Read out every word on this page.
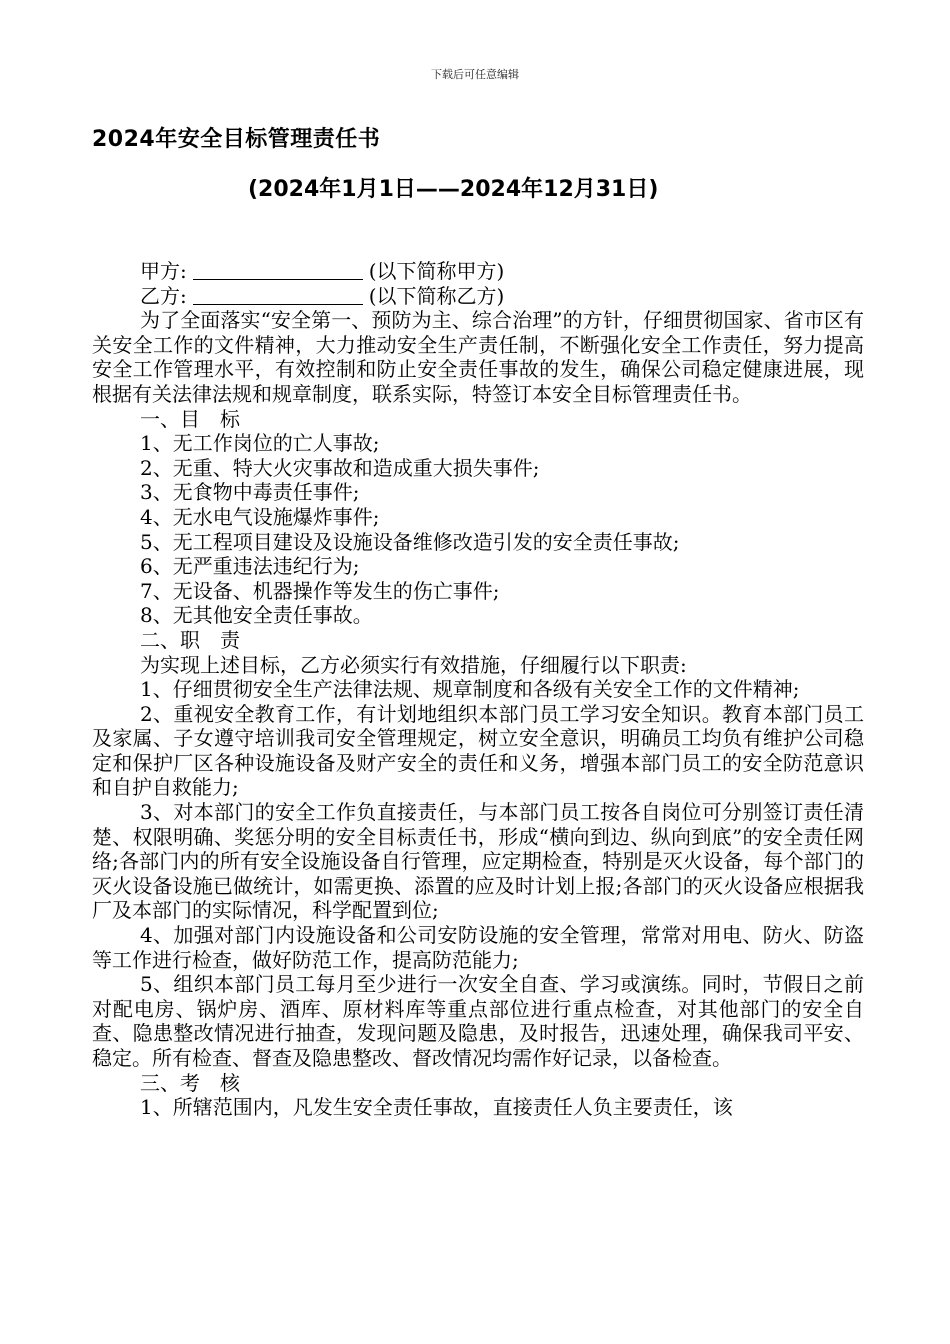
下载后可任意编辑
2024年安全目标管理责任书
(2024年1月1日——2024年12月31日)

甲方:	(以下简称甲方)

乙方:	(以下简称乙方)

为了全面落实“安全第一、预防为主、综合治理”的方针，仔细贯彻国家、省市区有关安全工作的文件精神，大力推动安全生产责任制，不断强化安全工作责任，努力提高安全工作管理水平，有效控制和防止安全责任事故的发生，确保公司稳定健康进展，现根据有关法律法规和规章制度，联系实际，特签订本安全目标管理责任书。

一、目　标

1、无工作岗位的亡人事故;

2、无重、特大火灾事故和造成重大损失事件;

3、无食物中毒责任事件;

4、无水电气设施爆炸事件;

5、无工程项目建设及设施设备维修改造引发的安全责任事故;

6、无严重违法违纪行为;

7、无设备、机器操作等发生的伤亡事件;

8、无其他安全责任事故。

二、职　责

为实现上述目标，乙方必须实行有效措施，仔细履行以下职责:

1、仔细贯彻安全生产法律法规、规章制度和各级有关安全工作的文件精神;

2、重视安全教育工作，有计划地组织本部门员工学习安全知识。教育本部门员工及家属、子女遵守培训我司安全管理规定，树立安全意识，明确员工均负有维护公司稳定和保护厂区各种设施设备及财产安全的责任和义务，增强本部门员工的安全防范意识和自护自救能力;

3、对本部门的安全工作负直接责任，与本部门员工按各自岗位可分别签订责任清楚、权限明确、奖惩分明的安全目标责任书，形成“横向到边、纵向到底”的安全责任网络;各部门内的所有安全设施设备自行管理，应定期检查，特别是灭火设备，每个部门的灭火设备设施已做统计，如需更换、添置的应及时计划上报;各部门的灭火设备应根据我厂及本部门的实际情况，科学配置到位;

4、加强对部门内设施设备和公司安防设施的安全管理，常常对用电、防火、防盗等工作进行检查，做好防范工作，提高防范能力;

5、组织本部门员工每月至少进行一次安全自查、学习或演练。同时，节假日之前对配电房、锅炉房、酒库、原材料库等重点部位进行重点检查，对其他部门的安全自查、隐患整改情况进行抽查，发现问题及隐患，及时报告，迅速处理，确保我司平安、稳定。所有检查、督查及隐患整改、督改情况均需作好记录，以备检查。

三、考　核

1、所辖范围内，凡发生安全责任事故，直接责任人负主要责任，该
